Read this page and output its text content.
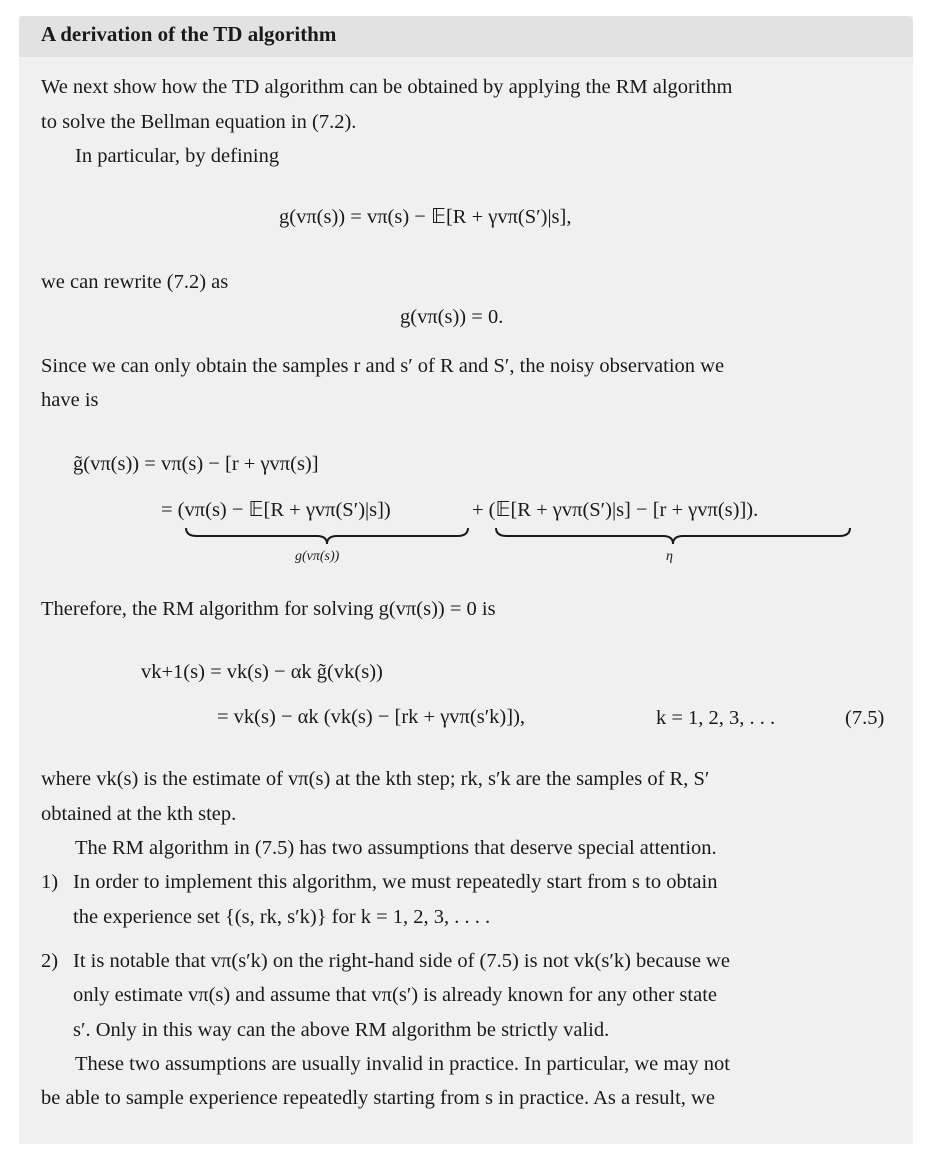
A derivation of the TD algorithm
We next show how the TD algorithm can be obtained by applying the RM algorithm
to solve the Bellman equation in (7.2).
In particular, by defining
g(vπ(s)) = vπ(s) − 𝔼[R + γvπ(S′)|s],
we can rewrite (7.2) as
g(vπ(s)) = 0.
Since we can only obtain the samples r and s′ of R and S′, the noisy observation we
have is
g̃(vπ(s)) = vπ(s) − [r + γvπ(s)]
= (vπ(s) − 𝔼[R + γvπ(S′)|s])	+ (𝔼[R + γvπ(S′)|s] − [r + γvπ(s)]).
g(vπ(s))	η
Therefore, the RM algorithm for solving g(vπ(s)) = 0 is
vk+1(s) = vk(s) − αk g̃(vk(s))
= vk(s) − αk (vk(s) − [rk + γvπ(s′k)]),	k = 1, 2, 3, . . .	(7.5)
where vk(s) is the estimate of vπ(s) at the kth step; rk, s′k are the samples of R, S′
obtained at the kth step.
The RM algorithm in (7.5) has two assumptions that deserve special attention.
1) In order to implement this algorithm, we must repeatedly start from s to obtain
the experience set {(s, rk, s′k)} for k = 1, 2, 3, . . . .
2) It is notable that vπ(s′k) on the right-hand side of (7.5) is not vk(s′k) because we
only estimate vπ(s) and assume that vπ(s′) is already known for any other state
s′. Only in this way can the above RM algorithm be strictly valid.
These two assumptions are usually invalid in practice. In particular, we may not
be able to sample experience repeatedly starting from s in practice. As a result, we
